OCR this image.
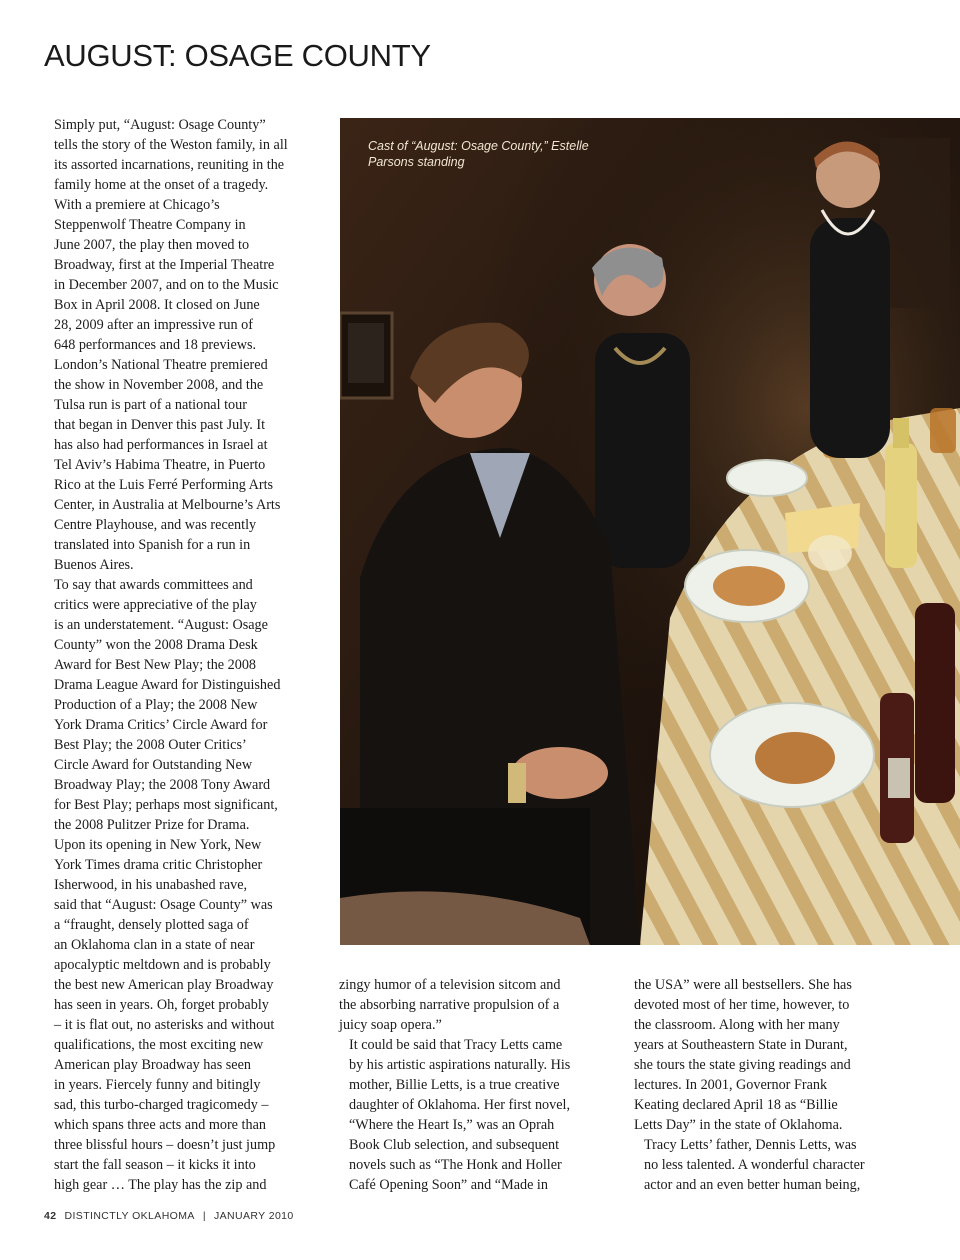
AUGUST: OSAGE COUNTY

Simply put, “August: Osage County”
tells the story of the Weston family, in all
its assorted incarnations, reuniting in the
family home at the onset of a tragedy.

With a premiere at Chicago’s
Steppenwolf Theatre Company in
June 2007, the play then moved to
Broadway, first at the Imperial Theatre
in December 2007, and on to the Music
Box in April 2008. It closed on June
28, 2009 after an impressive run of
648 performances and 18 previews.
London’s National Theatre premiered
the show in November 2008, and the
Tulsa run is part of a national tour
that began in Denver this past July. It
has also had performances in Israel at
Tel Aviv’s Habima Theatre, in Puerto
Rico at the Luis Ferré Performing Arts
Center, in Australia at Melbourne’s Arts
Centre Playhouse, and was recently
translated into Spanish for a run in
Buenos Aires.

To say that awards committees and
critics were appreciative of the play
is an understatement. “August: Osage
County” won the 2008 Drama Desk
Award for Best New Play; the 2008
Drama League Award for Distinguished
Production of a Play; the 2008 New
York Drama Critics’ Circle Award for
Best Play; the 2008 Outer Critics’
Circle Award for Outstanding New
Broadway Play; the 2008 Tony Award
for Best Play; perhaps most significant,
the 2008 Pulitzer Prize for Drama.

Upon its opening in New York, New
York Times drama critic Christopher
Isherwood, in his unabashed rave,
said that “August: Osage County” was
a “fraught, densely plotted saga of
an Oklahoma clan in a state of near
apocalyptic meltdown and is probably
the best new American play Broadway
has seen in years. Oh, forget probably
– it is flat out, no asterisks and without
qualifications, the most exciting new
American play Broadway has seen
in years. Fiercely funny and bitingly
sad, this turbo-charged tragicomedy –
which spans three acts and more than
three blissful hours – doesn’t just jump
start the fall season – it kicks it into
high gear … The play has the zip and

Cast of “August: Osage County,” Estelle Parsons standing

zingy humor of a television sitcom and
the absorbing narrative propulsion of a
juicy soap opera.”

It could be said that Tracy Letts came
by his artistic aspirations naturally. His
mother, Billie Letts, is a true creative
daughter of Oklahoma. Her first novel,
“Where the Heart Is,” was an Oprah
Book Club selection, and subsequent
novels such as “The Honk and Holler
Café Opening Soon” and “Made in

the USA” were all bestsellers. She has
devoted most of her time, however, to
the classroom. Along with her many
years at Southeastern State in Durant,
she tours the state giving readings and
lectures. In 2001, Governor Frank
Keating declared April 18 as “Billie
Letts Day” in the state of Oklahoma.

Tracy Letts’ father, Dennis Letts, was
no less talented. A wonderful character
actor and an even better human being,

42 DISTINCTLY OKLAHOMA | JANUARY 2010
